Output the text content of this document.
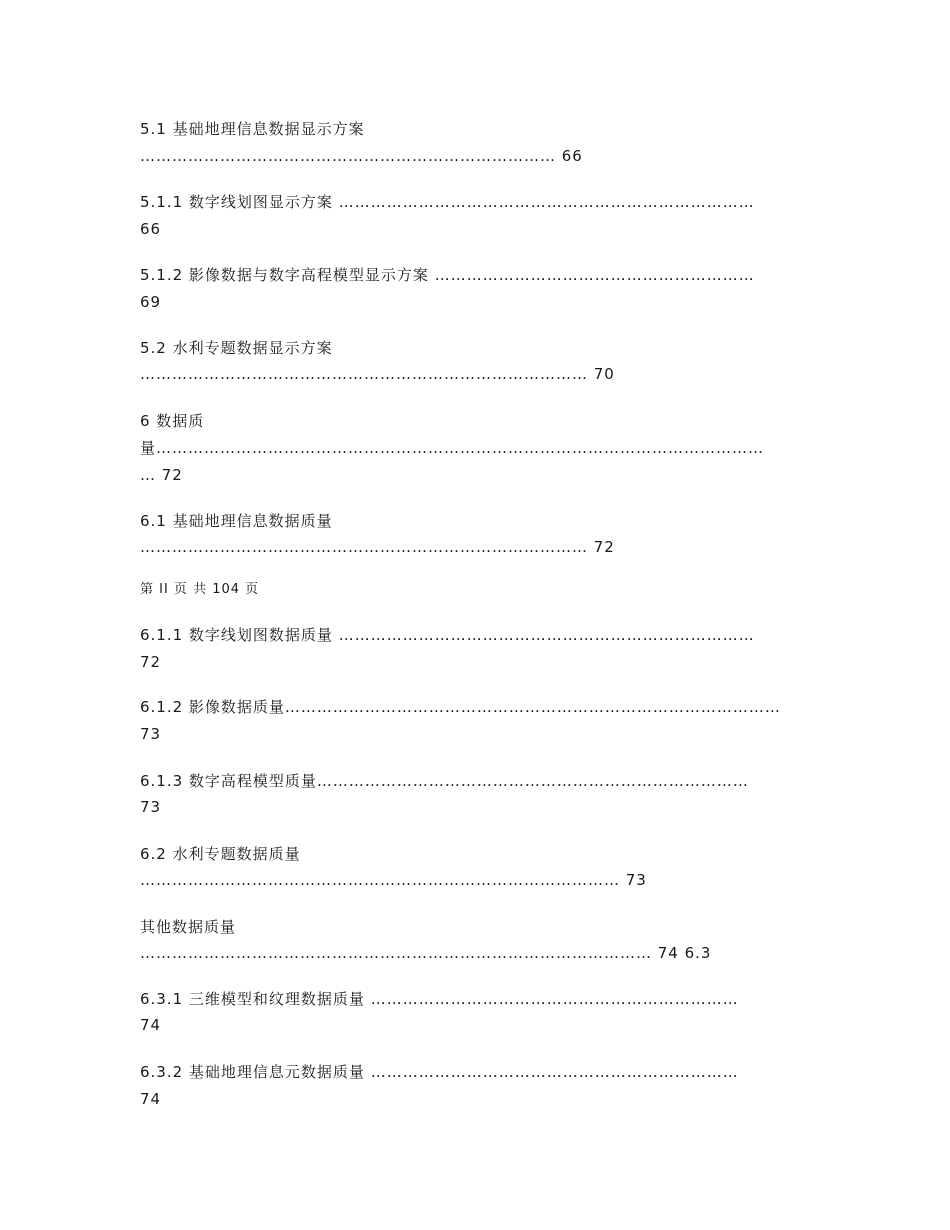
5.1 基础地理信息数据显示方案
…………………………………………………………………… 66
5.1.1 数字线划图显示方案 ……………………………………………………………………
66
5.1.2 影像数据与数字高程模型显示方案 ……………………………………………………
69
5.2 水利专题数据显示方案
………………………………………………………………………… 70
6 数据质
量……………………………………………………………………………………………………
… 72
6.1 基础地理信息数据质量
………………………………………………………………………… 72
第 II 页 共 104 页
6.1.1 数字线划图数据质量 ……………………………………………………………………
72
6.1.2 影像数据质量…………………………………………………………………………………
73
6.1.3 数字高程模型质量………………………………………………………………………
73
6.2 水利专题数据质量
……………………………………………………………………………… 73
其他数据质量
…………………………………………………………………………………… 74 6.3
6.3.1 三维模型和纹理数据质量 ……………………………………………………………
74
6.3.2 基础地理信息元数据质量 ……………………………………………………………
74
